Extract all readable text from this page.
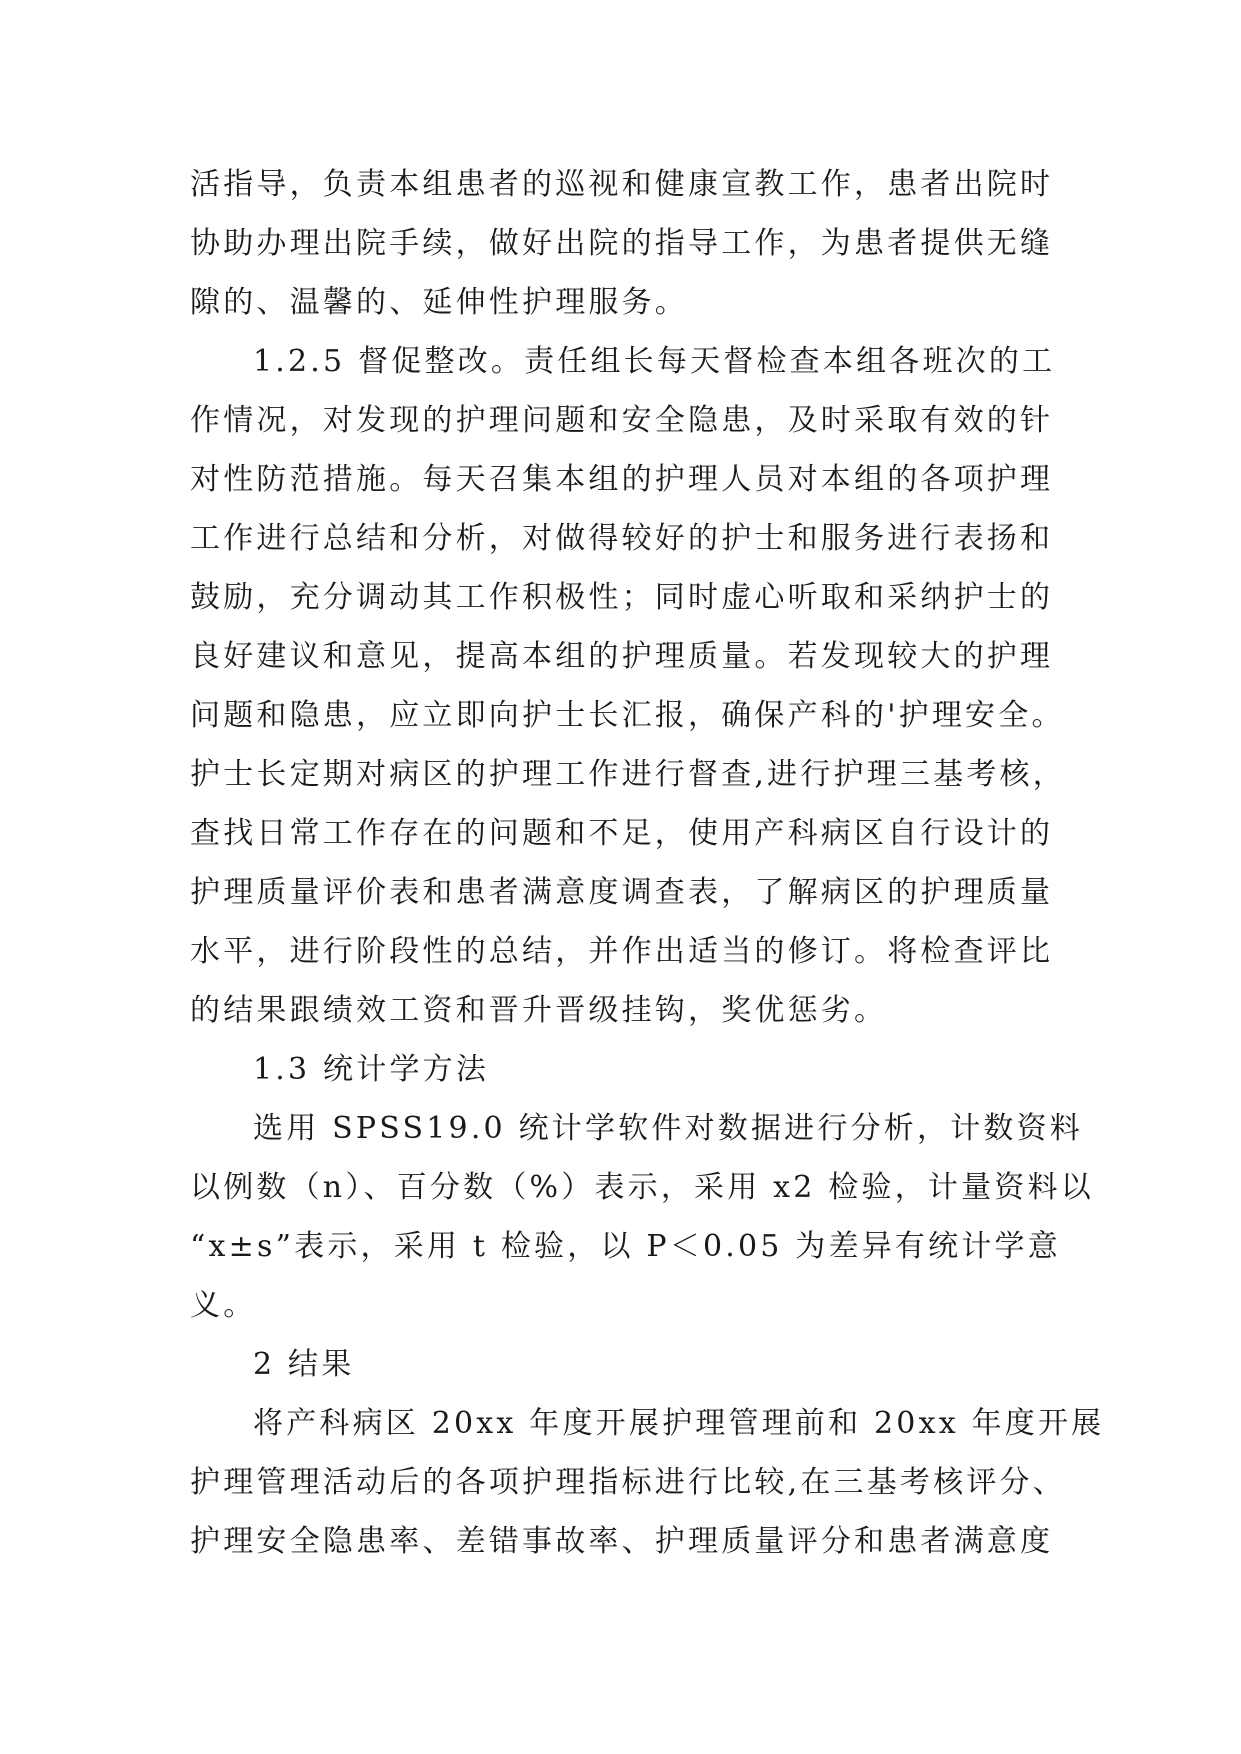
活指导，负责本组患者的巡视和健康宣教工作，患者出院时
协助办理出院手续，做好出院的指导工作，为患者提供无缝
隙的、温馨的、延伸性护理服务。
1.2.5 督促整改。责任组长每天督检查本组各班次的工
作情况，对发现的护理问题和安全隐患，及时采取有效的针
对性防范措施。每天召集本组的护理人员对本组的各项护理
工作进行总结和分析，对做得较好的护士和服务进行表扬和
鼓励，充分调动其工作积极性；同时虚心听取和采纳护士的
良好建议和意见，提高本组的护理质量。若发现较大的护理
问题和隐患，应立即向护士长汇报，确保产科的'护理安全。
护士长定期对病区的护理工作进行督查,进行护理三基考核，
查找日常工作存在的问题和不足，使用产科病区自行设计的
护理质量评价表和患者满意度调查表，了解病区的护理质量
水平，进行阶段性的总结，并作出适当的修订。将检查评比
的结果跟绩效工资和晋升晋级挂钩，奖优惩劣。
1.3 统计学方法
选用 SPSS19.0 统计学软件对数据进行分析，计数资料
以例数（n）、百分数（%）表示，采用 x2 检验，计量资料以
“x±s”表示，采用 t 检验，以 P＜0.05 为差异有统计学意
义。
2 结果
将产科病区 20xx 年度开展护理管理前和 20xx 年度开展
护理管理活动后的各项护理指标进行比较,在三基考核评分、
护理安全隐患率、差错事故率、护理质量评分和患者满意度
